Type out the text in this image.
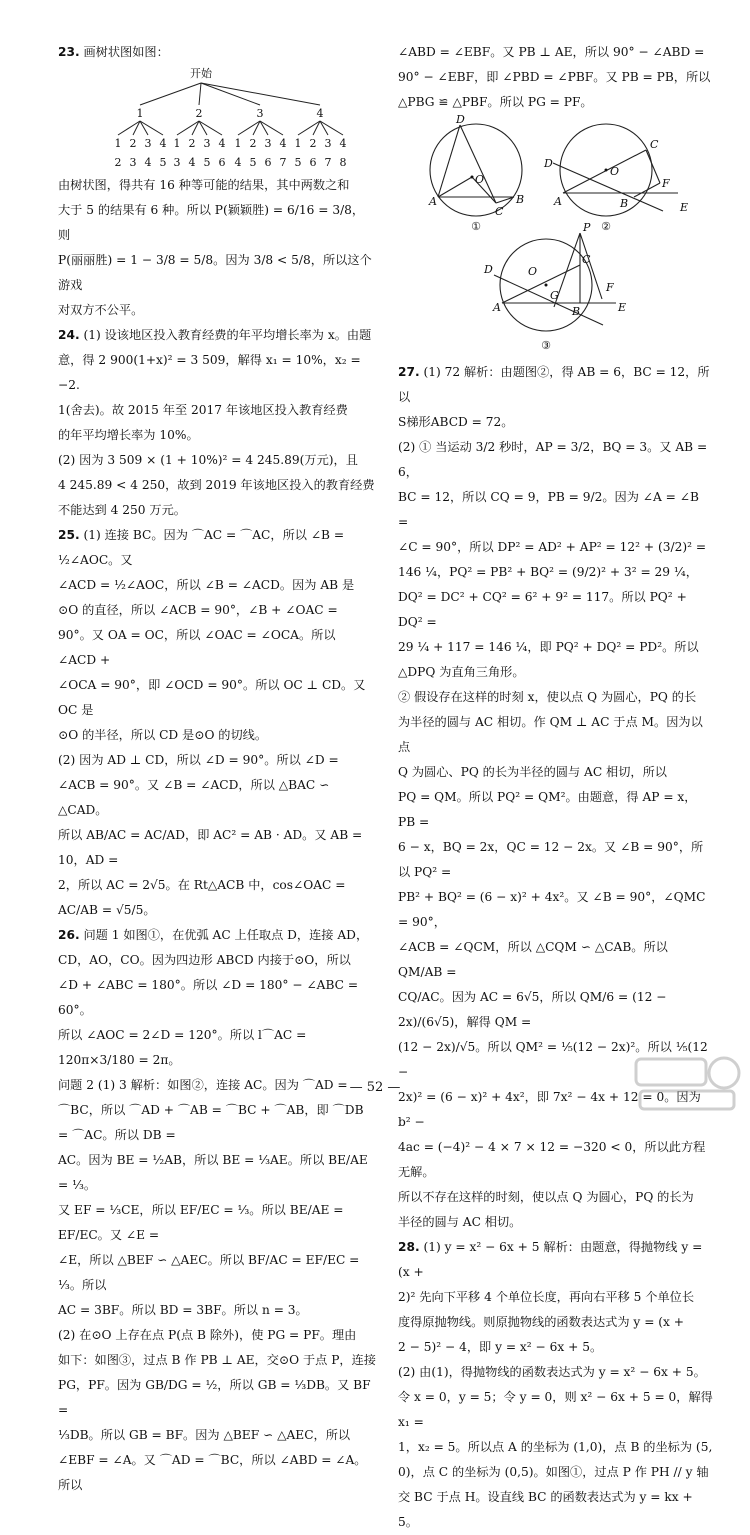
23. 画树状图如图：

开始
1	2	3	4
1 2 3 4
2 3 4 5
1 2 3 4
3 4 5 6
1 2 3 4
4 5 6 7
1 2 3 4
5 6 7 8

由树状图，得共有 16 种等可能的结果，其中两数之和

大于 5 的结果有 6 种。所以 P(颖颖胜) = 6/16 = 3/8，则

P(丽丽胜) = 1 − 3/8 = 5/8。因为 3/8 < 5/8，所以这个游戏

对双方不公平。

24. (1) 设该地区投入教育经费的年平均增长率为 x。由题

意，得 2 900(1+x)² = 3 509，解得 x₁ = 10%，x₂ = −2.

1(舍去)。故 2015 年至 2017 年该地区投入教育经费

的年平均增长率为 10%。

(2) 因为 3 509 × (1 + 10%)² = 4 245.89(万元)，且

4 245.89 < 4 250，故到 2019 年该地区投入的教育经费

不能达到 4 250 万元。

25. (1) 连接 BC。因为 ⌒AC = ⌒AC，所以 ∠B = ½∠AOC。又

∠ACD = ½∠AOC，所以 ∠B = ∠ACD。因为 AB 是

⊙O 的直径，所以 ∠ACB = 90°，∠B + ∠OAC =

90°。又 OA = OC，所以 ∠OAC = ∠OCA。所以 ∠ACD +

∠OCA = 90°，即 ∠OCD = 90°。所以 OC ⊥ CD。又 OC 是

⊙O 的半径，所以 CD 是⊙O 的切线。

(2) 因为 AD ⊥ CD，所以 ∠D = 90°。所以 ∠D =

∠ACB = 90°。又 ∠B = ∠ACD，所以 △BAC ∽ △CAD。

所以 AB/AC = AC/AD，即 AC² = AB · AD。又 AB = 10，AD =

2，所以 AC = 2√5。在 Rt△ACB 中，cos∠OAC =

AC/AB = √5/5。

26. 问题 1 如图①，在优弧 AC 上任取点 D，连接 AD，

CD，AO，CO。因为四边形 ABCD 内接于⊙O，所以

∠D + ∠ABC = 180°。所以 ∠D = 180° − ∠ABC = 60°。

所以 ∠AOC = 2∠D = 120°。所以 l⌒AC = 120π×3/180 = 2π。

问题 2 (1) 3 解析：如图②，连接 AC。因为 ⌒AD =

⌒BC，所以 ⌒AD + ⌒AB = ⌒BC + ⌒AB，即 ⌒DB = ⌒AC。所以 DB =

AC。因为 BE = ½AB，所以 BE = ⅓AE。所以 BE/AE = ⅓。

又 EF = ⅓CE，所以 EF/EC = ⅓。所以 BE/AE = EF/EC。又 ∠E =

∠E，所以 △BEF ∽ △AEC。所以 BF/AC = EF/EC = ⅓。所以

AC = 3BF。所以 BD = 3BF。所以 n = 3。

(2) 在⊙O 上存在点 P(点 B 除外)，使 PG = PF。理由

如下：如图③，过点 B 作 PB ⊥ AE，交⊙O 于点 P，连接

PG，PF。因为 GB/DG = ½，所以 GB = ⅓DB。又 BF =

⅓DB。所以 GB = BF。因为 △BEF ∽ △AEC，所以

∠EBF = ∠A。又 ⌒AD = ⌒BC，所以 ∠ABD = ∠A。所以

∠ABD = ∠EBF。又 PB ⊥ AE，所以 90° − ∠ABD =

90° − ∠EBF，即 ∠PBD = ∠PBF。又 PB = PB，所以

△PBG ≌ △PBF。所以 PG = PF。

D
O
A	B
C
D
O
A	B
C
F
E
D	O
A
G
B
P
C
F
E
①	②
③

27. (1) 72 解析：由题图②，得 AB = 6，BC = 12，所以

S梯形ABCD = 72。

(2) ① 当运动 3/2 秒时，AP = 3/2，BQ = 3。又 AB = 6，

BC = 12，所以 CQ = 9，PB = 9/2。因为 ∠A = ∠B =

∠C = 90°，所以 DP² = AD² + AP² = 12² + (3/2)² =

146 ¼，PQ² = PB² + BQ² = (9/2)² + 3² = 29 ¼，

DQ² = DC² + CQ² = 6² + 9² = 117。所以 PQ² + DQ² =

29 ¼ + 117 = 146 ¼，即 PQ² + DQ² = PD²。所以

△DPQ 为直角三角形。

② 假设存在这样的时刻 x，使以点 Q 为圆心，PQ 的长

为半径的圆与 AC 相切。作 QM ⊥ AC 于点 M。因为以点

Q 为圆心、PQ 的长为半径的圆与 AC 相切，所以

PQ = QM。所以 PQ² = QM²。由题意，得 AP = x，PB =

6 − x，BQ = 2x，QC = 12 − 2x。又 ∠B = 90°，所以 PQ² =

PB² + BQ² = (6 − x)² + 4x²。又 ∠B = 90°，∠QMC = 90°，

∠ACB = ∠QCM，所以 △CQM ∽ △CAB。所以 QM/AB =

CQ/AC。因为 AC = 6√5，所以 QM/6 = (12 − 2x)/(6√5)，解得 QM =

(12 − 2x)/√5。所以 QM² = ⅕(12 − 2x)²。所以 ⅕(12 −

2x)² = (6 − x)² + 4x²，即 7x² − 4x + 12 = 0。因为 b² −

4ac = (−4)² − 4 × 7 × 12 = −320 < 0，所以此方程无解。

所以不存在这样的时刻，使以点 Q 为圆心，PQ 的长为

半径的圆与 AC 相切。

28. (1) y = x² − 6x + 5 解析：由题意，得抛物线 y = (x +

2)² 先向下平移 4 个单位长度，再向右平移 5 个单位长

度得原抛物线。则原抛物线的函数表达式为 y = (x +

2 − 5)² − 4，即 y = x² − 6x + 5。

(2) 由(1)，得抛物线的函数表达式为 y = x² − 6x + 5。

令 x = 0，y = 5；令 y = 0，则 x² − 6x + 5 = 0，解得 x₁ =

1，x₂ = 5。所以点 A 的坐标为 (1,0)，点 B 的坐标为 (5,

0)，点 C 的坐标为 (0,5)。如图①，过点 P 作 PH // y 轴

交 BC 于点 H。设直线 BC 的函数表达式为 y = kx + 5。

— 52 —
